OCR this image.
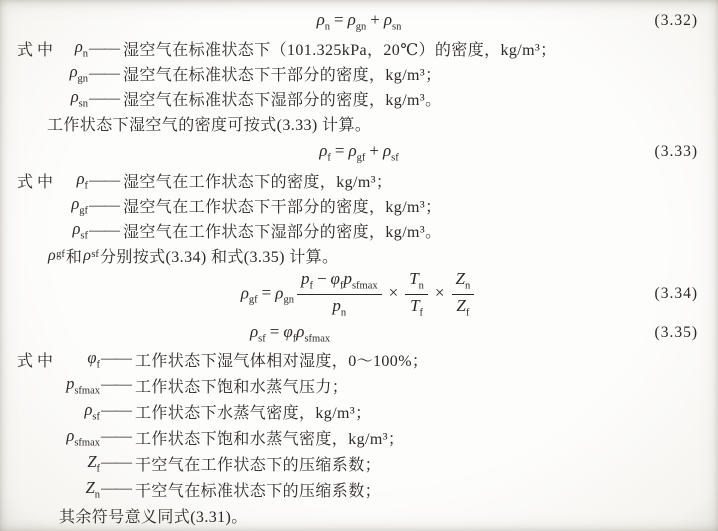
$\rho_n = \rho_{gn} + \rho_{sn}$	(3.32)
式中	$\rho_n$ —— 湿空气在标准状态下（101.325kPa，20℃）的密度，kg/m³；
$\rho_{gn}$ —— 湿空气在标准状态下干部分的密度，kg/m³；
$\rho_{sn}$ —— 湿空气在标准状态下湿部分的密度，kg/m³。
工作状态下湿空气的密度可按式(3.33) 计算。
$\rho_f = \rho_{gf} + \rho_{sf}$	(3.33)
式中	$\rho_f$ —— 湿空气在工作状态下的密度，kg/m³；
$\rho_{gf}$ —— 湿空气在工作状态下干部分的密度，kg/m³；
$\rho_{sf}$ —— 湿空气在工作状态下湿部分的密度，kg/m³。
ρ gf 和 ρ sf 分别按式(3.34) 和式(3.35) 计算。
$\rho_{gf} = \rho_{gn} \frac{p_f - \varphi_fp_{sfmax}}{p_n} \times \frac{T_n}{T_f} \times \frac{Z_n}{Z_f}$	(3.34)
$\rho_{sf} = \varphi_f\rho_{sfmax}$	(3.35)
式中	$\varphi_f$ —— 工作状态下湿气体相对湿度，0～100%；
$p_{sfmax}$ —— 工作状态下饱和水蒸气压力；
$\rho_{sf}$ —— 工作状态下水蒸气密度，kg/m³；
$\rho_{sfmax}$ —— 工作状态下饱和水蒸气密度，kg/m³；
$Z_f$ —— 干空气在工作状态下的压缩系数；
$Z_n$ —— 干空气在标准状态下的压缩系数；
其余符号意义同式(3.31)。
